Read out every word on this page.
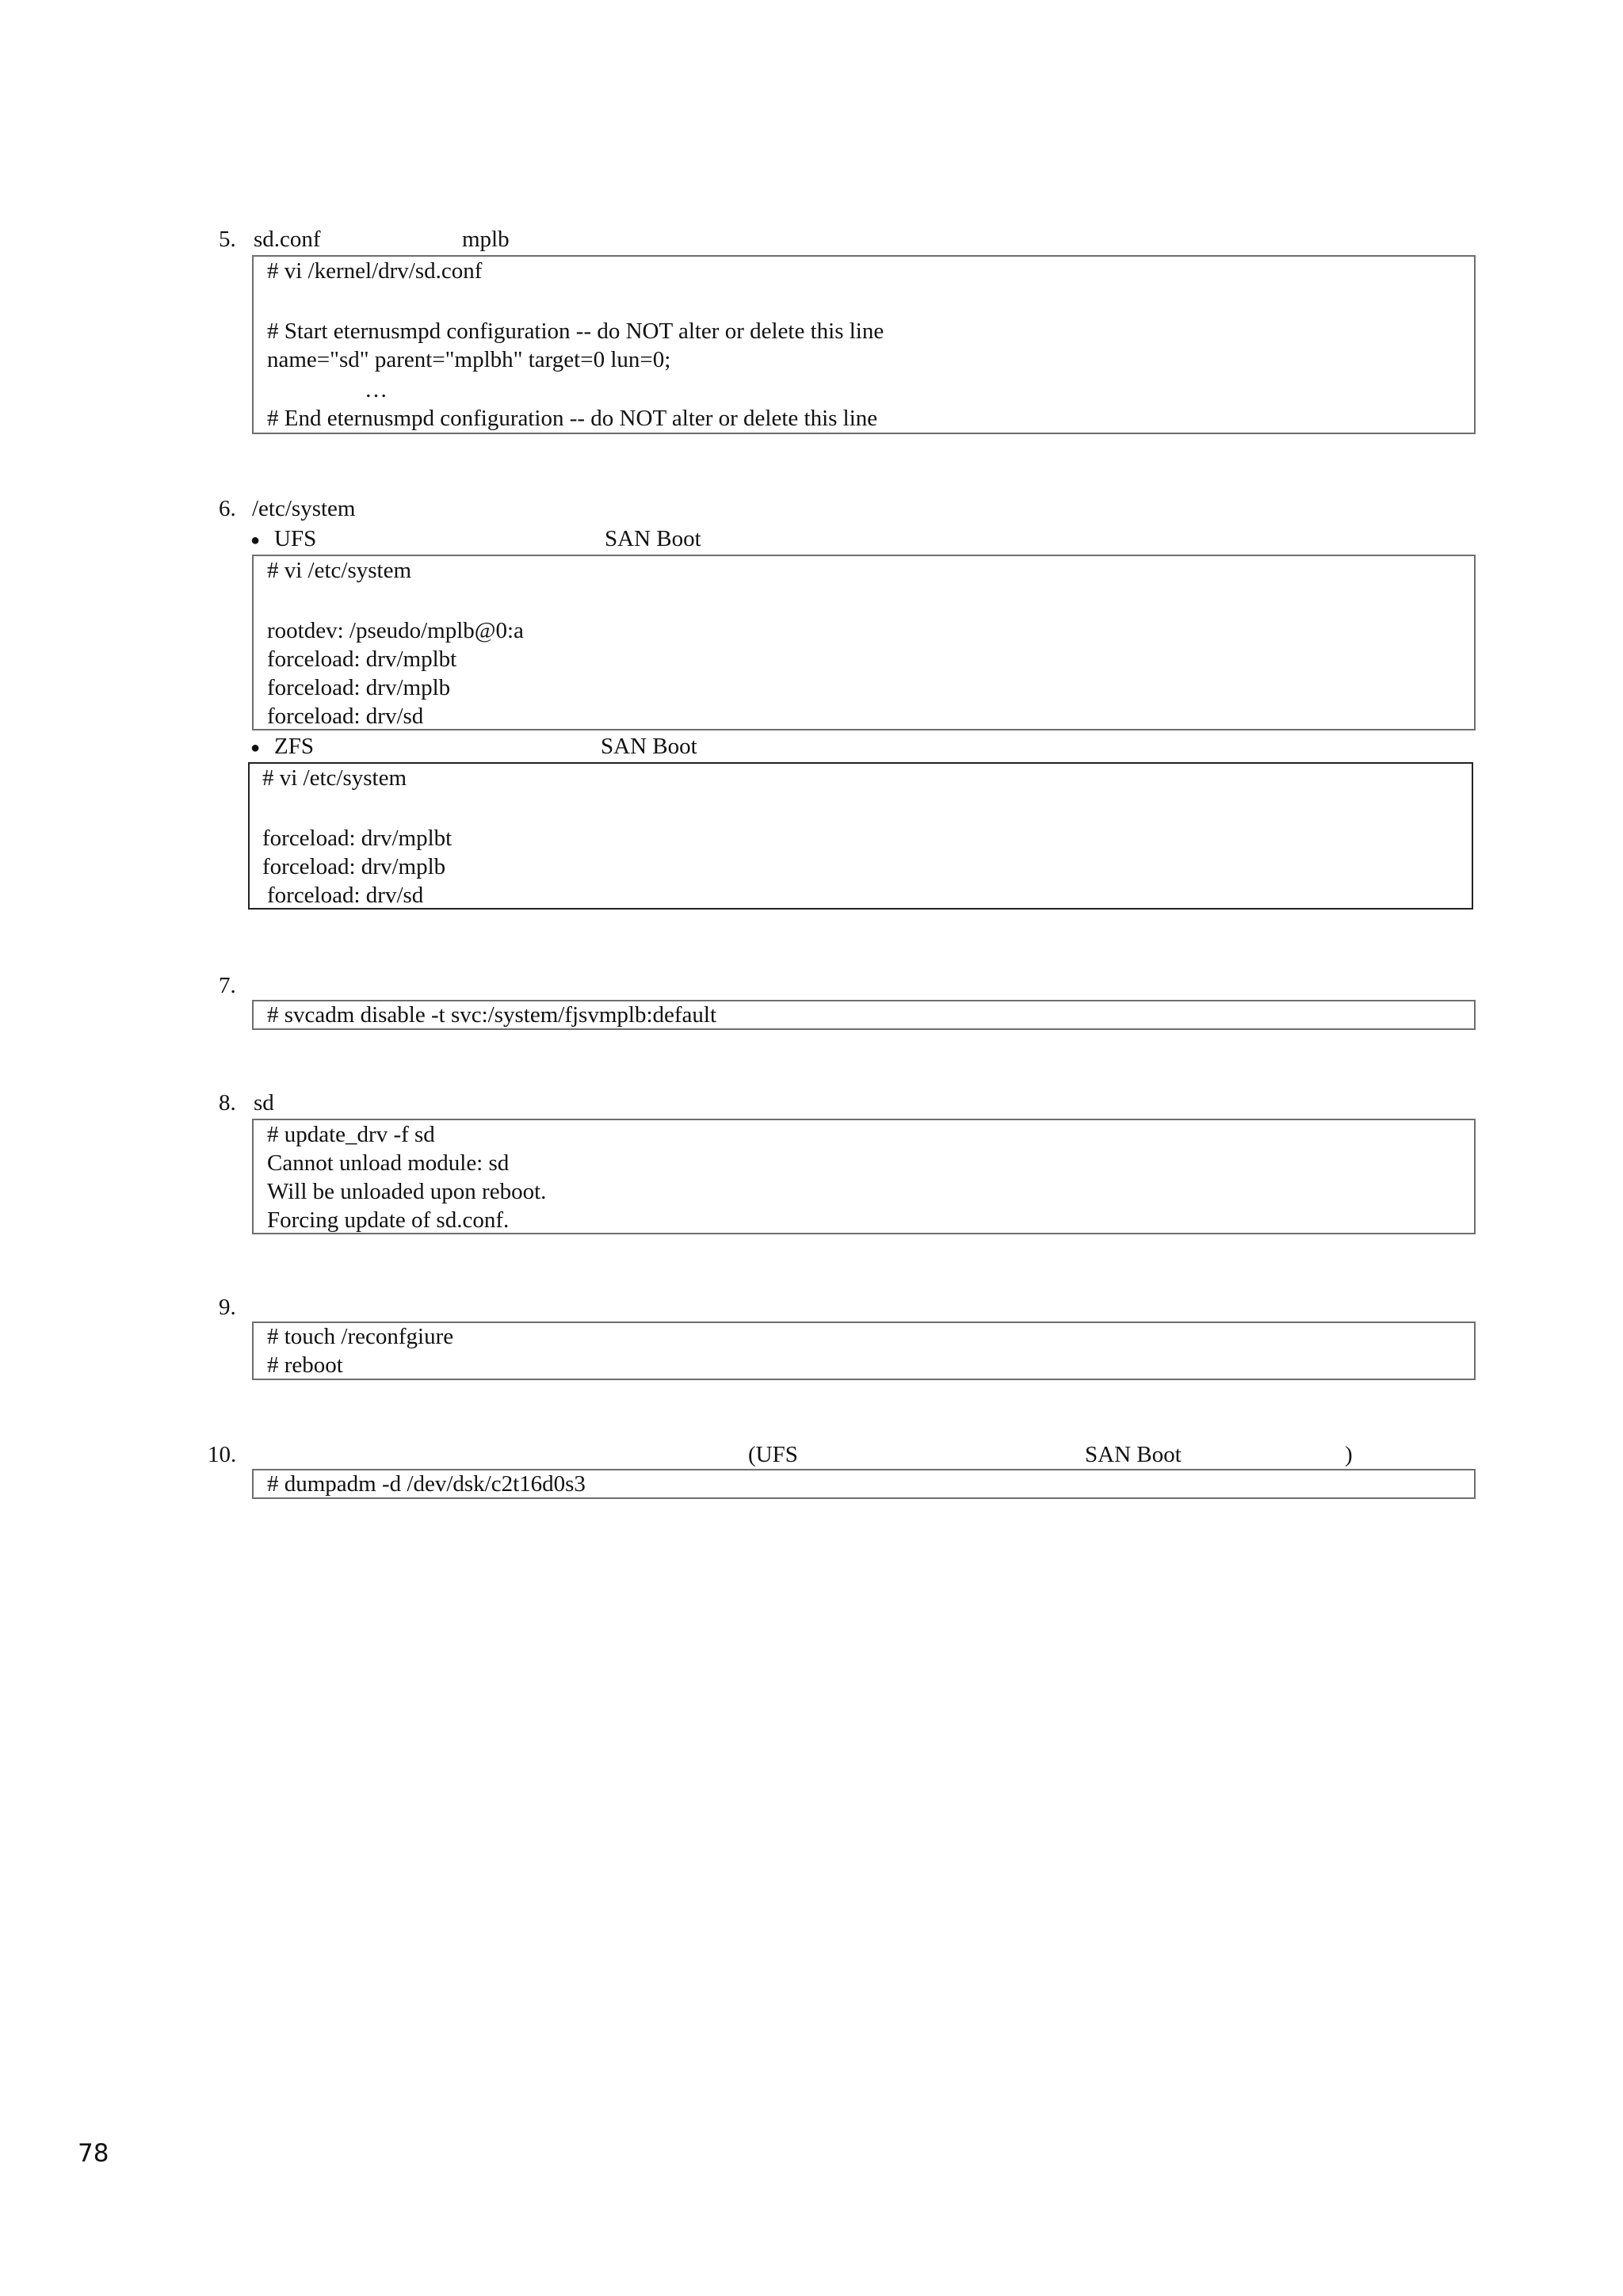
5. sd.conf	mplb
# vi /kernel/drv/sd.conf
# Start eternusmpd configuration -- do NOT alter or delete this line
name="sd" parent="mplbh" target=0 lun=0;
…
# End eternusmpd configuration -- do NOT alter or delete this line
6. /etc/system
● UFS	SAN Boot
# vi /etc/system
rootdev: /pseudo/mplb@0:a
forceload: drv/mplbt
forceload: drv/mplb
forceload: drv/sd
● ZFS	SAN Boot
# vi /etc/system
forceload: drv/mplbt
forceload: drv/mplb
forceload: drv/sd
7.
# svcadm disable -t svc:/system/fjsvmplb:default
8. sd
# update_drv -f sd
Cannot unload module: sd
Will be unloaded upon reboot.
Forcing update of sd.conf.
9.
# touch /reconfgiure
# reboot
10.	(UFS	SAN Boot	)
# dumpadm -d /dev/dsk/c2t16d0s3
78
